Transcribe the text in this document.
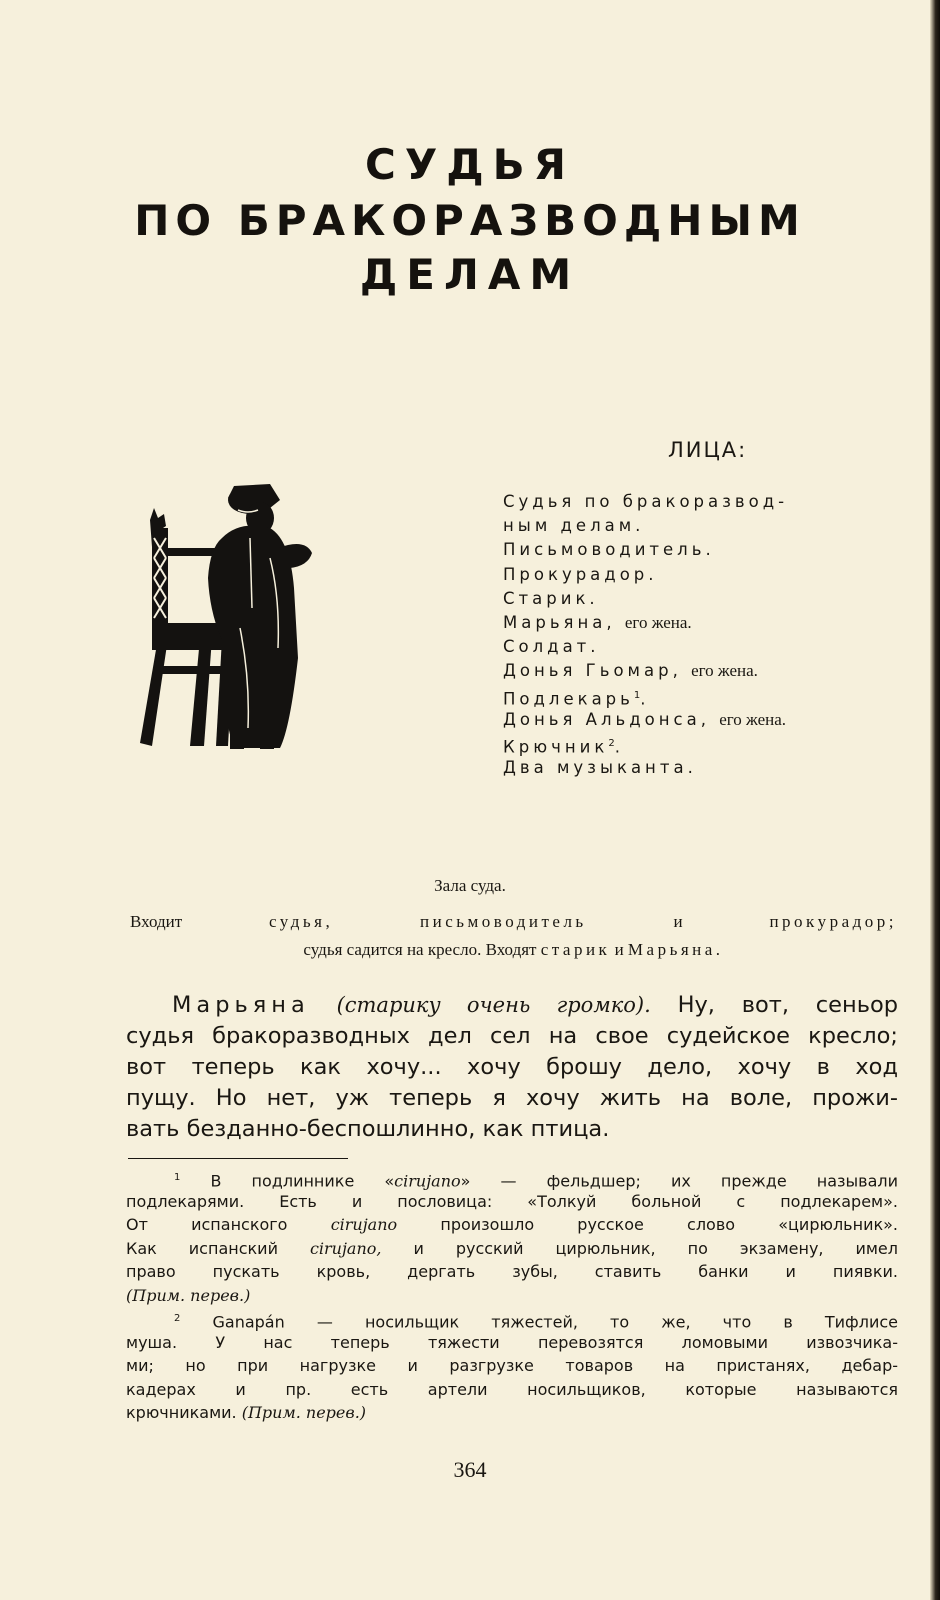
СУДЬЯ
ПО БРАКОРАЗВОДНЫМ
ДЕЛАМ
ЛИЦА:
Судья по бракоразвод-
ным делам.
Письмоводитель.
Прокурадор.
Старик.
Марьяна, его жена.
Солдат.
Донья Гьомар, его жена.
Подлекарь$^1$.
Донья Альдонса, его жена.
Крючник$^2$.
Два музыканта.
Зала суда.
Входит	судья,	письмоводитель	и	прокурадор;
судья садится на кресло. Входят старик и Марьяна.
Марьяна (старику очень громко). Ну, вот, сеньор
судья бракоразводных дел сел на свое судейское кресло;
вот теперь как хочу... хочу брошу дело, хочу в ход
пущу. Но нет, уж теперь я хочу жить на воле, прожи-
вать безданно-беспошлинно, как птица.
$^1$ В подлиннике «cirujano» — фельдшер; их прежде называли
подлекарями. Есть и пословица: «Толкуй больной с подлекарем».
От испанского	cirujano	произошло русское слово «цирюльник».
Как испанский cirujano, и русский цирюльник, по экзамену, имел
право пускать кровь, дергать зубы, ставить банки и пиявки.
(Прим. перев.)
$^2$ Ganapán — носильщик тяжестей, то же, что в Тифлисе
муша. У нас теперь тяжести перевозятся ломовыми извозчика-
ми; но при нагрузке и разгрузке товаров на пристанях, дебар-
кадерах и пр. есть артели носильщиков, которые называются
крючниками. (Прим. перев.)
364
